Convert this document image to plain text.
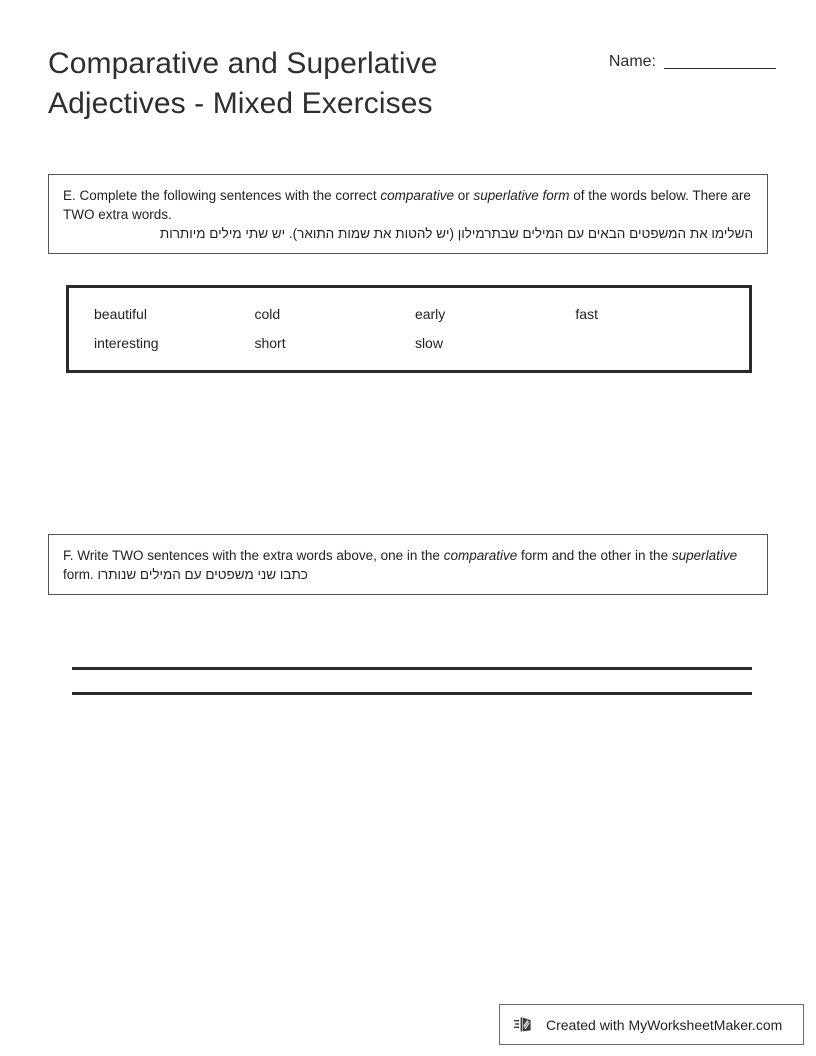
Comparative and Superlative
Adjectives - Mixed Exercises
Name:
E. Complete the following sentences with the correct comparative or superlative form of the words below. There are TWO extra words.
השלימו את המשפטים הבאים עם המילים שבתרמילון (יש להטות את שמות התואר). יש שתי מילים מיותרות
beautiful	cold	early	fast
interesting	short	slow
F. Write TWO sentences with the extra words above, one in the comparative form and the other in the superlative form. כתבו שני משפטים עם המילים שנותרו
Created with MyWorksheetMaker.com
